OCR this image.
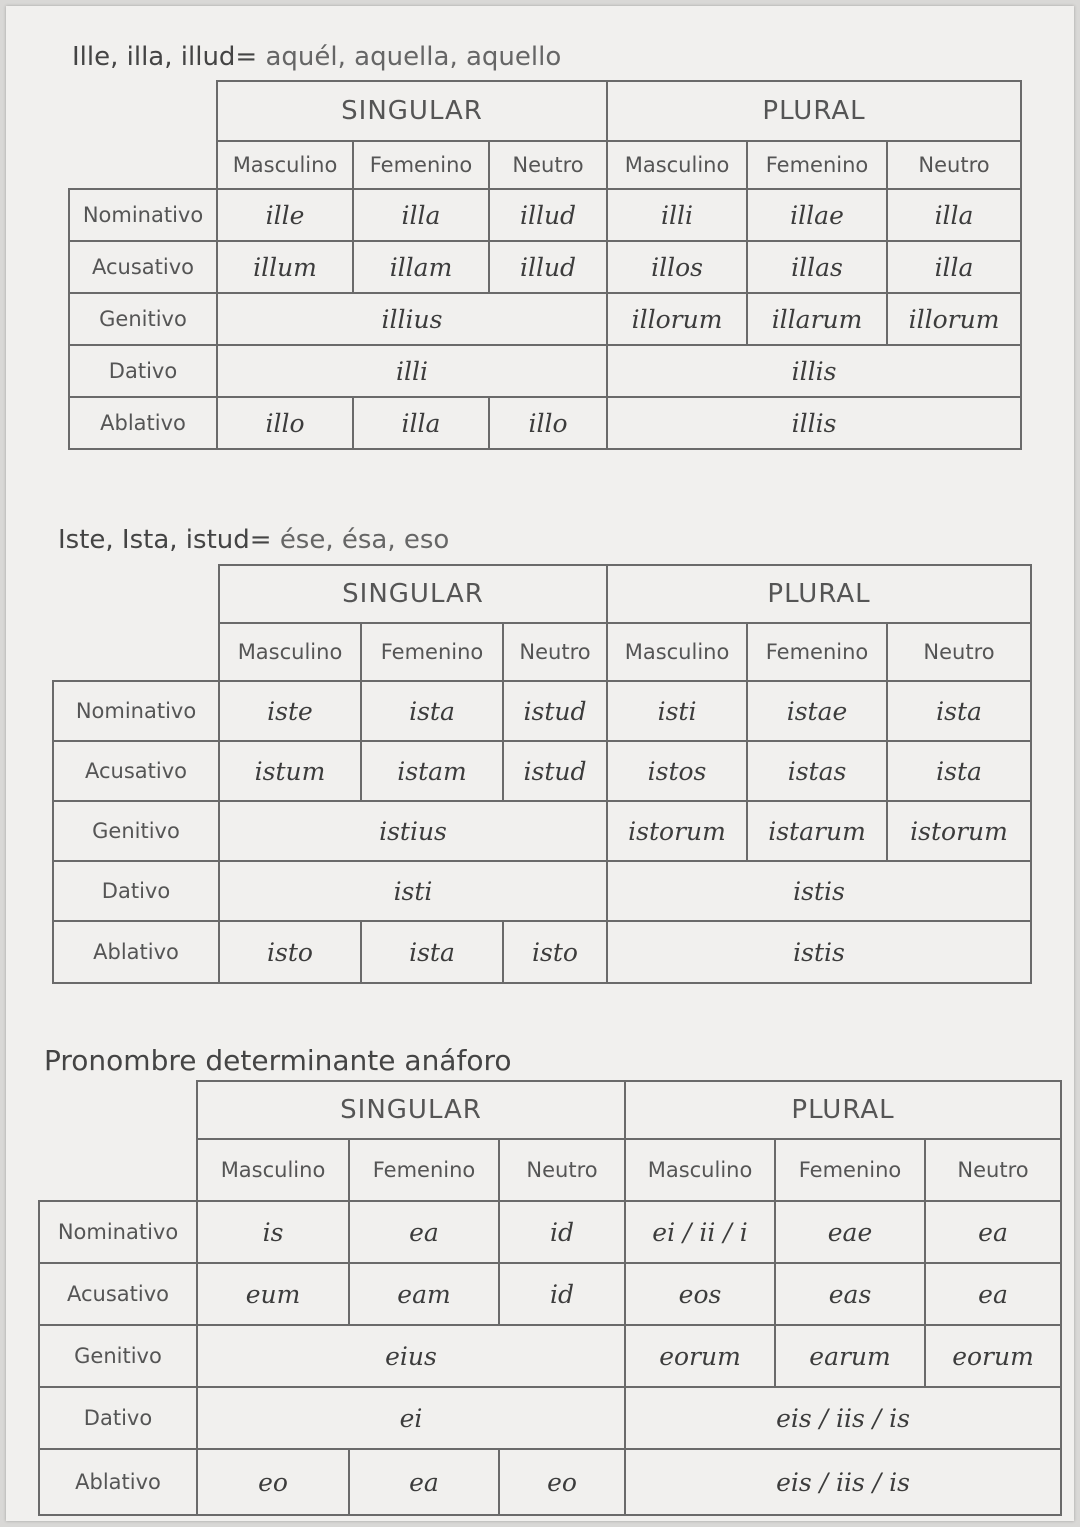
Ille, illa, illud= aquél, aquella, aquello
	SINGULAR			PLURAL		
	Masculino	Femenino	Neutro	Masculino	Femenino	Neutro
Nominativo	ille	illa	illud	illi	illae	illa
Acusativo	illum	illam	illud	illos	illas	illa
Genitivo	illius			illorum	illarum	illorum
Dativo	illi			illis		
Ablativo	illo	illa	illo	illis		
Iste, Ista, istud= ése, ésa, eso
	SINGULAR			PLURAL		
	Masculino	Femenino	Neutro	Masculino	Femenino	Neutro
Nominativo	iste	ista	istud	isti	istae	ista
Acusativo	istum	istam	istud	istos	istas	ista
Genitivo	istius			istorum	istarum	istorum
Dativo	isti			istis		
Ablativo	isto	ista	isto	istis		
Pronombre determinante anáforo
	SINGULAR			PLURAL		
	Masculino	Femenino	Neutro	Masculino	Femenino	Neutro
Nominativo	is	ea	id	ei / ii / i	eae	ea
Acusativo	eum	eam	id	eos	eas	ea
Genitivo	eius			eorum	earum	eorum
Dativo	ei			eis / iis / is		
Ablativo	eo	ea	eo	eis / iis / is		
